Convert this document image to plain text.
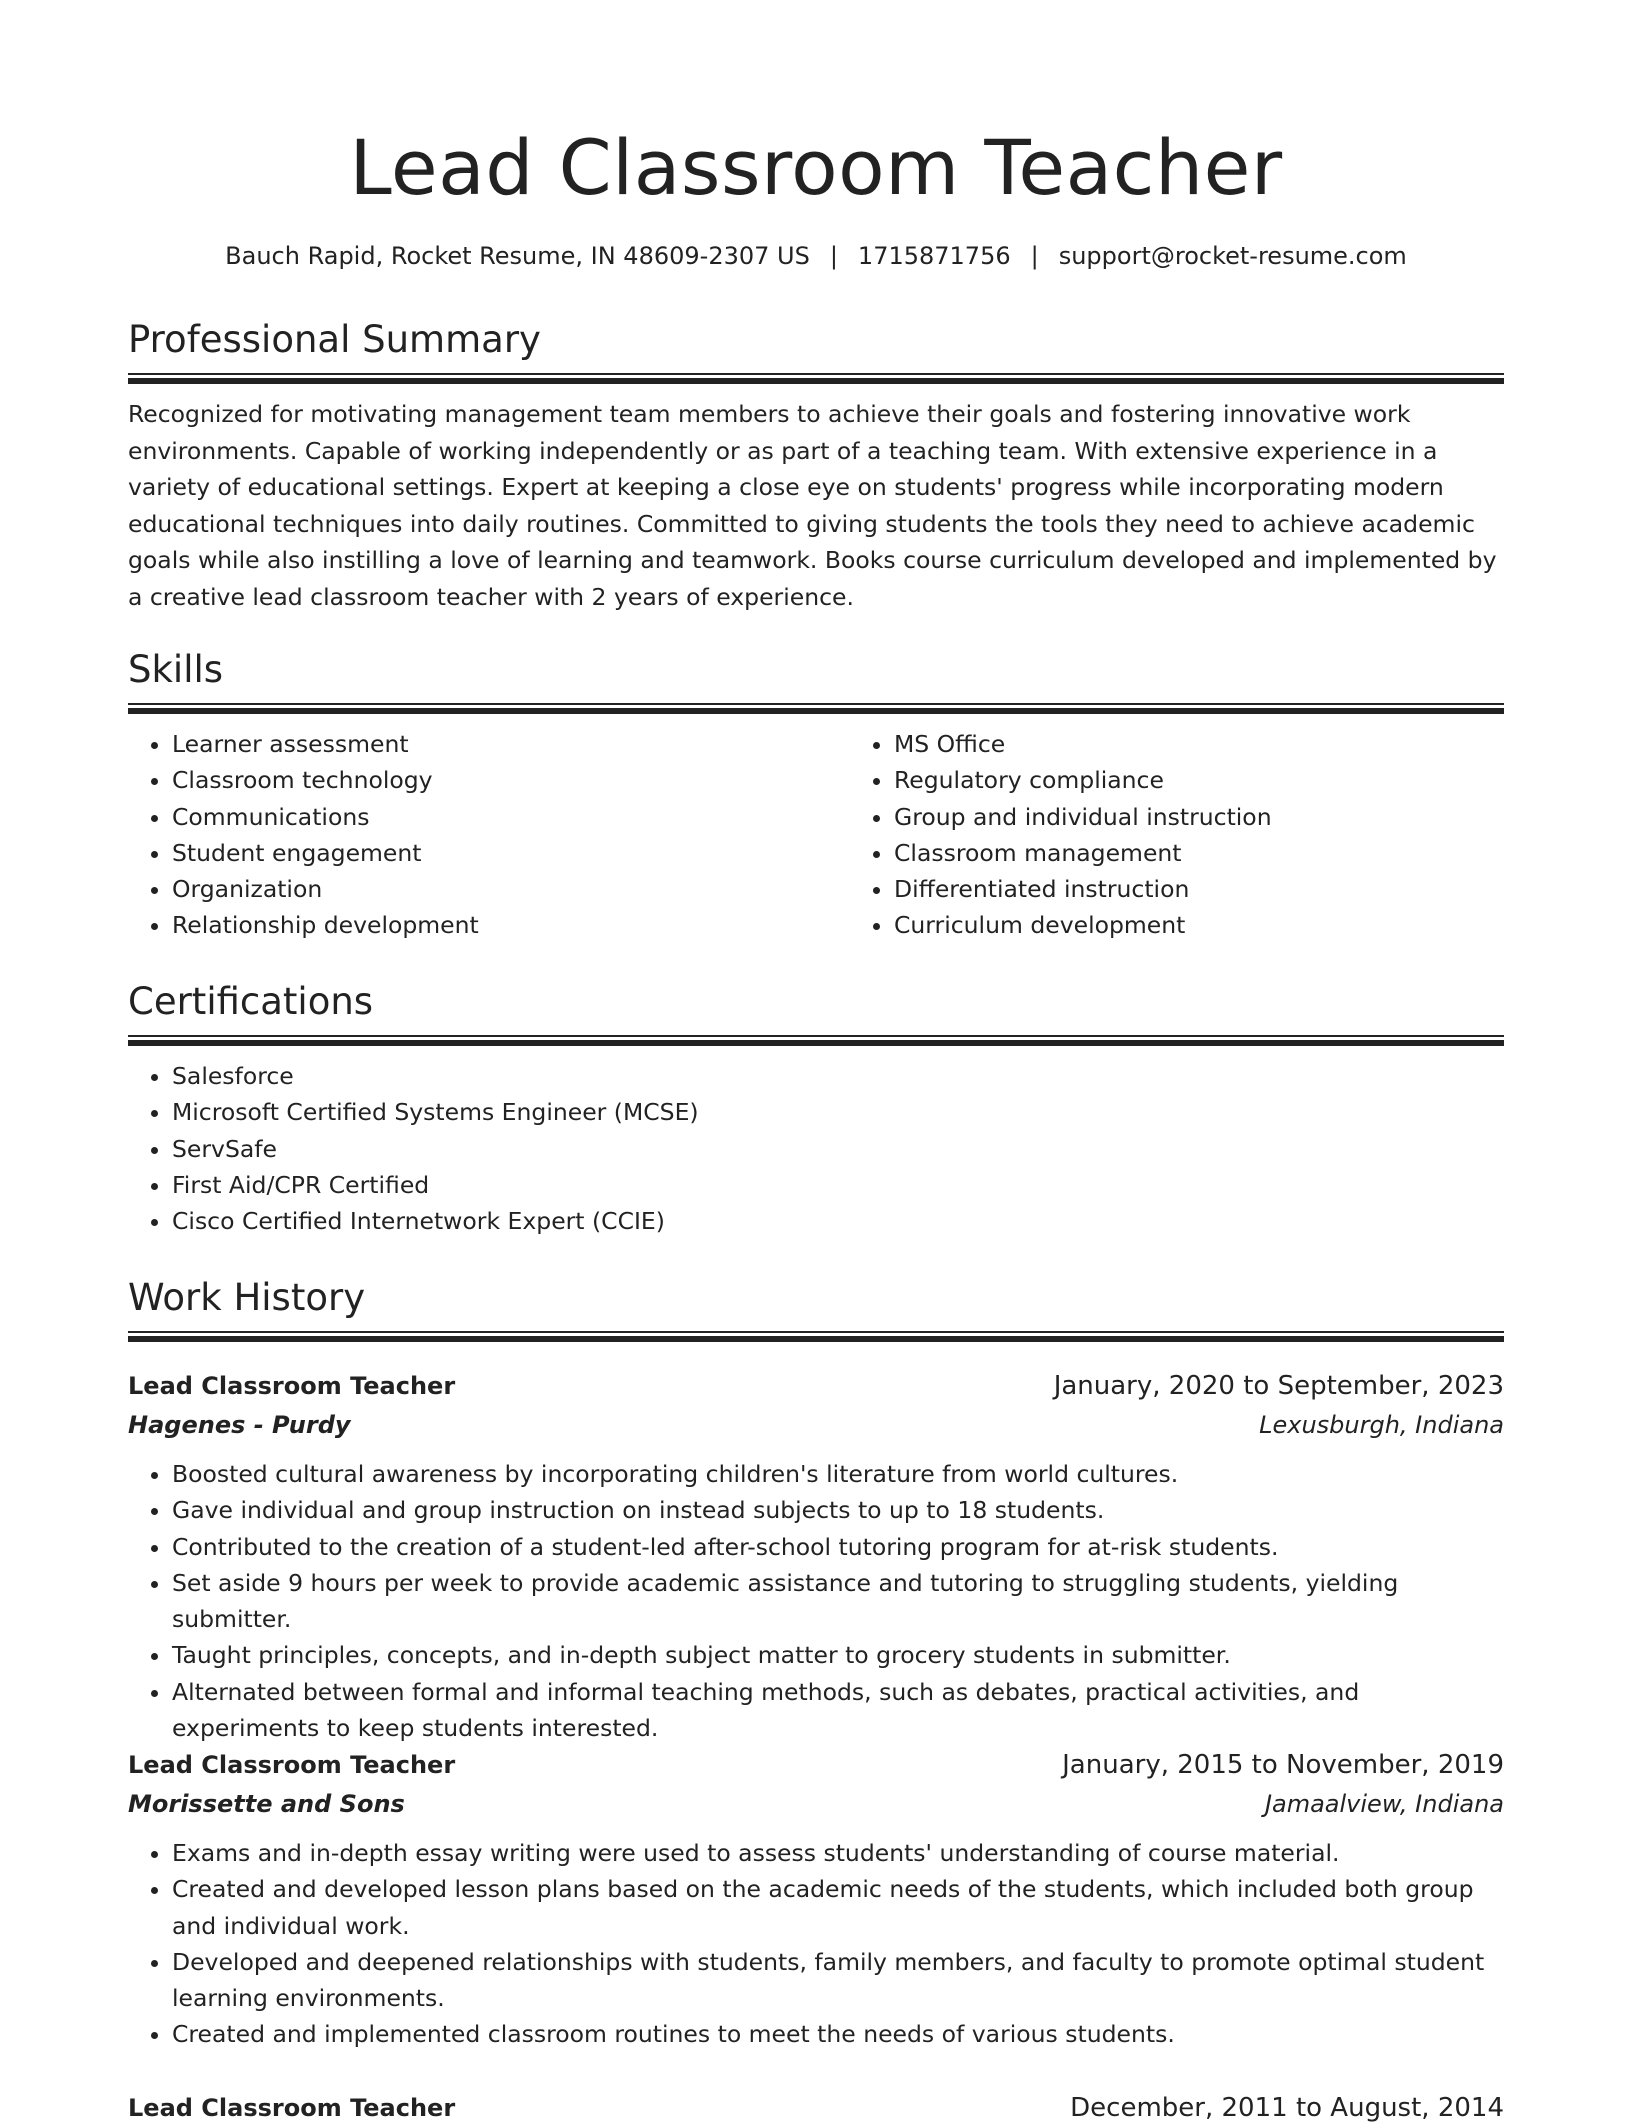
Lead Classroom Teacher
Bauch Rapid, Rocket Resume, IN 48609-2307 US | 1715871756 | support@rocket-resume.com
Professional Summary

Recognized for motivating management team members to achieve their goals and fostering innovative work environments. Capable of working independently or as part of a teaching team. With extensive experience in a variety of educational settings. Expert at keeping a close eye on students' progress while incorporating modern educational techniques into daily routines. Committed to giving students the tools they need to achieve academic goals while also instilling a love of learning and teamwork. Books course curriculum developed and implemented by a creative lead classroom teacher with 2 years of experience.

Skills
• Learner assessment
• Classroom technology
• Communications
• Student engagement
• Organization
• Relationship development
• MS Office
• Regulatory compliance
• Group and individual instruction
• Classroom management
• Differentiated instruction
• Curriculum development
Certifications
• Salesforce
• Microsoft Certified Systems Engineer (MCSE)
• ServSafe
• First Aid/CPR Certified
• Cisco Certified Internetwork Expert (CCIE)
Work History
Lead Classroom Teacher	January, 2020 to September, 2023
Hagenes - Purdy	Lexusburgh, Indiana
• Boosted cultural awareness by incorporating children's literature from world cultures.
• Gave individual and group instruction on instead subjects to up to 18 students.
• Contributed to the creation of a student-led after-school tutoring program for at-risk students.
• Set aside 9 hours per week to provide academic assistance and tutoring to struggling students, yielding submitter.
• Taught principles, concepts, and in-depth subject matter to grocery students in submitter.
• Alternated between formal and informal teaching methods, such as debates, practical activities, and experiments to keep students interested.
Lead Classroom Teacher	January, 2015 to November, 2019
Morissette and Sons	Jamaalview, Indiana
• Exams and in-depth essay writing were used to assess students' understanding of course material.
• Created and developed lesson plans based on the academic needs of the students, which included both group and individual work.
• Developed and deepened relationships with students, family members, and faculty to promote optimal student learning environments.
• Created and implemented classroom routines to meet the needs of various students.
Lead Classroom Teacher	December, 2011 to August, 2014
